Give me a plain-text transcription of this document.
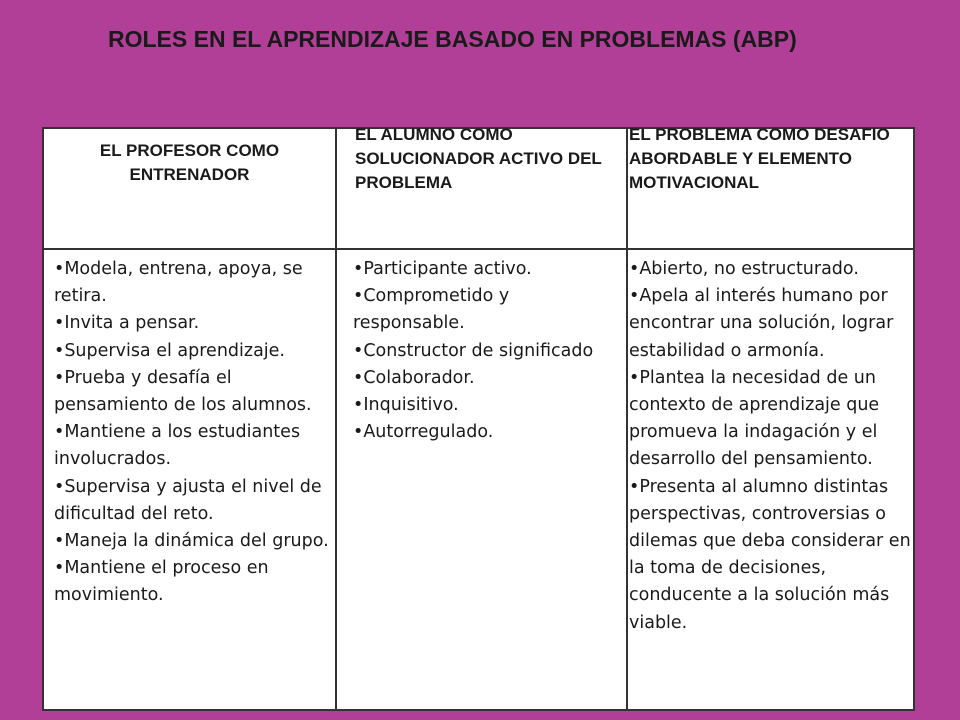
ROLES EN EL APRENDIZAJE BASADO EN PROBLEMAS (ABP)
EL PROFESOR COMO ENTRENADOR
EL ALUMNO COMO SOLUCIONADOR ACTIVO DEL PROBLEMA
EL PROBLEMA COMO DESAFIO ABORDABLE Y ELEMENTO MOTIVACIONAL

•Modela, entrena, apoya, se retira.

•Invita a pensar.

•Supervisa el aprendizaje.

•Prueba y desafía el pensamiento de los alumnos.

•Mantiene a los estudiantes involucrados.

•Supervisa y ajusta el nivel de dificultad del reto.

•Maneja la dinámica del grupo.

•Mantiene el proceso en movimiento.

•Participante activo.

•Comprometido y responsable.

•Constructor de significado

•Colaborador.

•Inquisitivo.

•Autorregulado.

•Abierto, no estructurado.

•Apela al interés humano por encontrar una solución, lograr estabilidad o armonía.

•Plantea la necesidad de un contexto de aprendizaje que promueva la indagación y el desarrollo del pensamiento.

•Presenta al alumno distintas perspectivas, controversias o dilemas que deba considerar en la toma de decisiones, conducente a la solución más viable.
